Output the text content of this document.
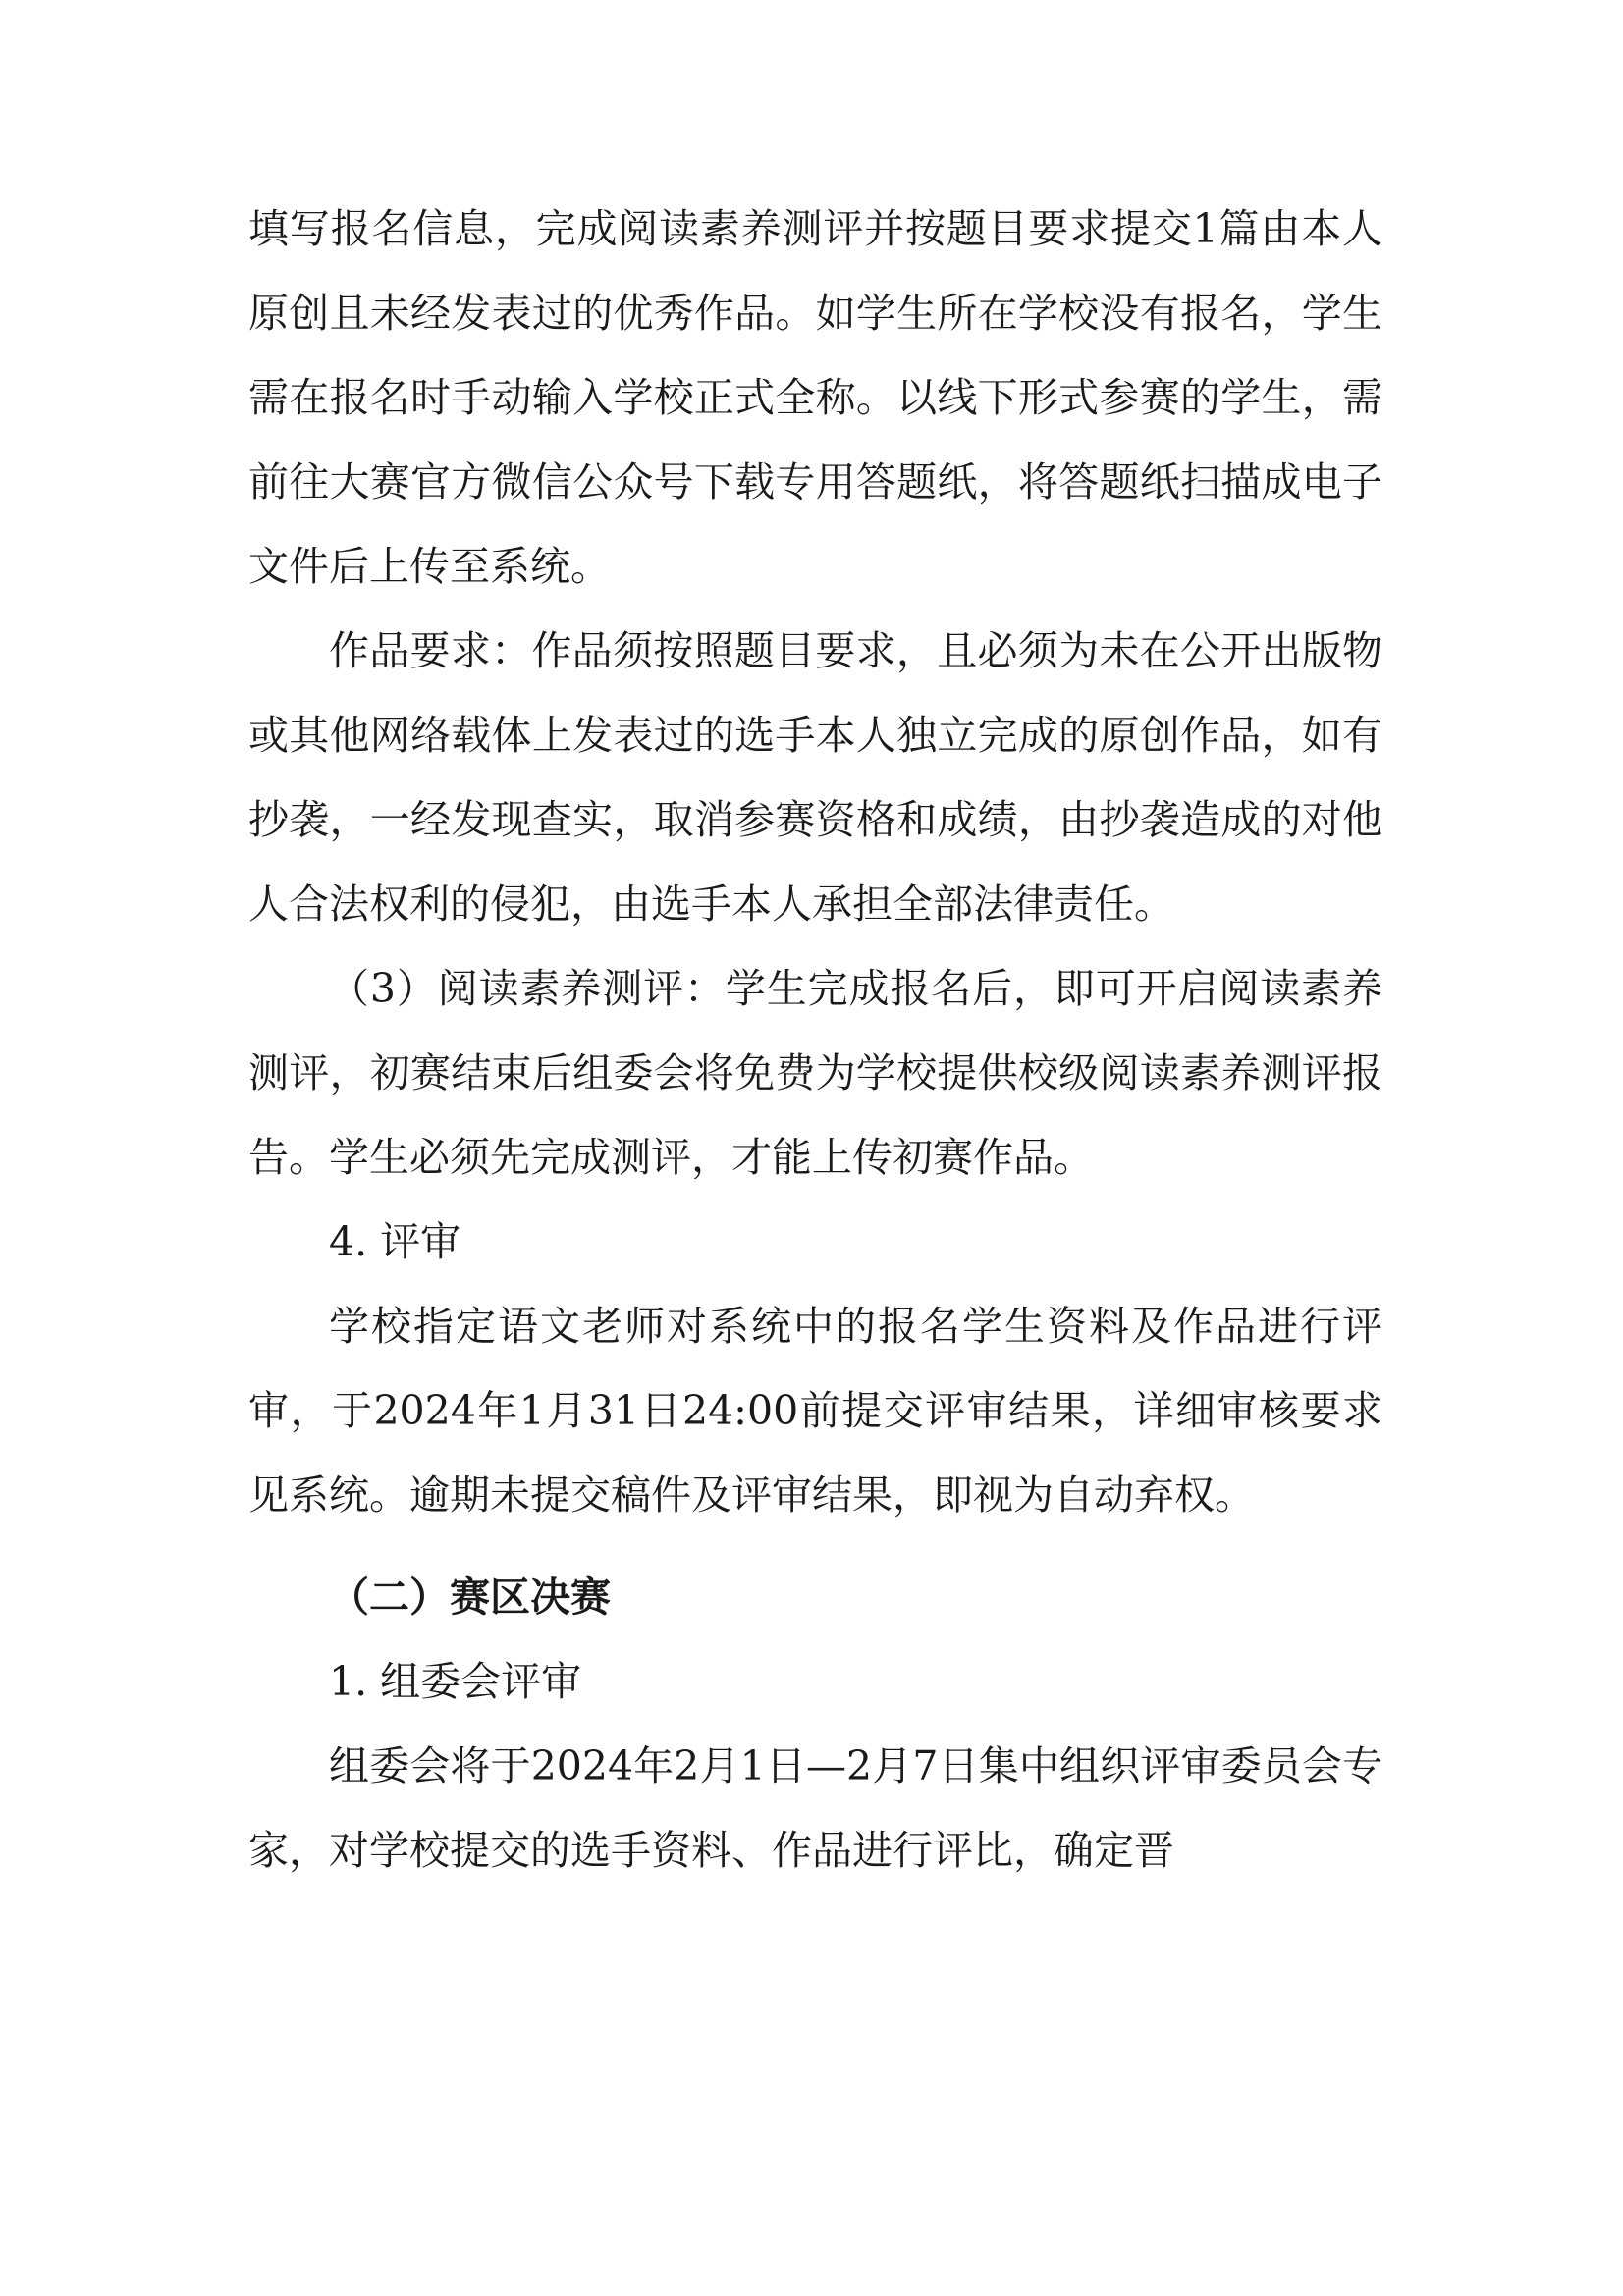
填写报名信息，完成阅读素养测评并按题目要求提交1篇由本人原创且未经发表过的优秀作品。如学生所在学校没有报名，学生需在报名时手动输入学校正式全称。以线下形式参赛的学生，需前往大赛官方微信公众号下载专用答题纸，将答题纸扫描成电子文件后上传至系统。

作品要求：作品须按照题目要求，且必须为未在公开出版物或其他网络载体上发表过的选手本人独立完成的原创作品，如有抄袭，一经发现查实，取消参赛资格和成绩，由抄袭造成的对他人合法权利的侵犯，由选手本人承担全部法律责任。

（3）阅读素养测评：学生完成报名后，即可开启阅读素养测评，初赛结束后组委会将免费为学校提供校级阅读素养测评报告。学生必须先完成测评，才能上传初赛作品。

4. 评审

学校指定语文老师对系统中的报名学生资料及作品进行评审，于2024年1月31日24:00前提交评审结果，详细审核要求见系统。逾期未提交稿件及评审结果，即视为自动弃权。

（二）赛区决赛

1. 组委会评审

组委会将于2024年2月1日—2月7日集中组织评审委员会专家，对学校提交的选手资料、作品进行评比，确定晋
